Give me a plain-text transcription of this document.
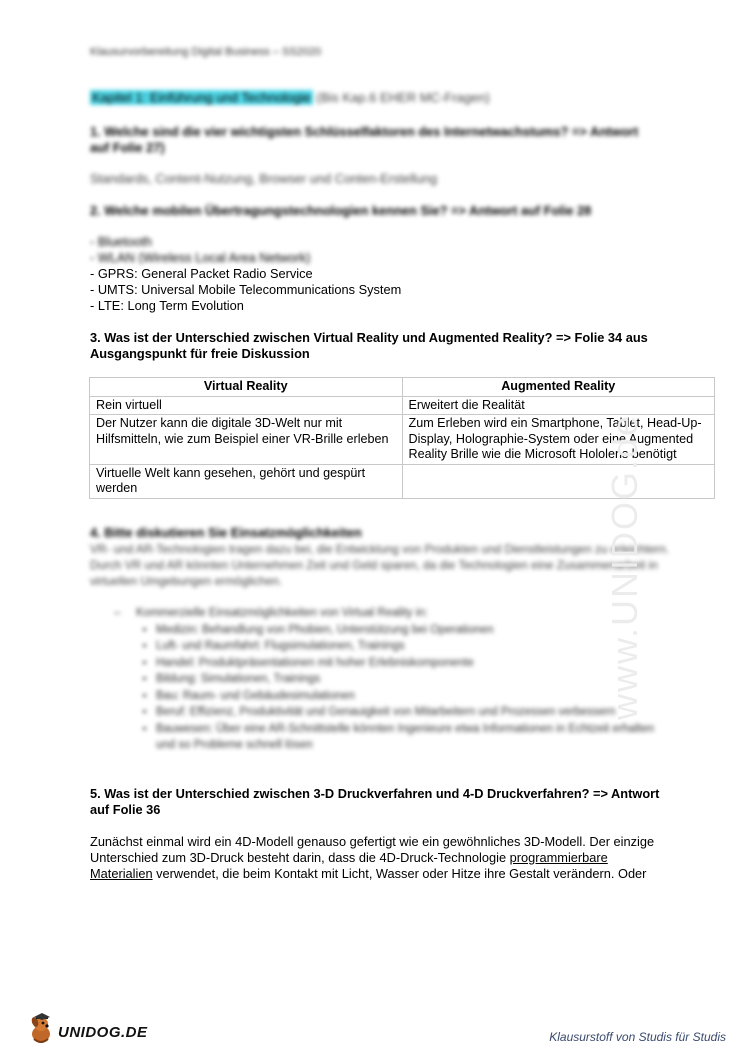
Klausurvorbereitung Digital Business – SS2020
Kapitel 1: Einführung und Technologie (Bis Kap.6 EHER MC-Fragen)
1. Welche sind die vier wichtigsten Schlüsselfaktoren des Internetwachstums? => Antwort auf Folie 27)
Standards, Content-Nutzung, Browser und Conten-Erstellung
2. Welche mobilen Übertragungstechnologien kennen Sie? => Antwort auf Folie 28
- Bluetooth
- WLAN (Wireless Local Area Network)
- GPRS: General Packet Radio Service
- UMTS: Universal Mobile Telecommunications System
- LTE: Long Term Evolution
3. Was ist der Unterschied zwischen Virtual Reality und Augmented Reality? => Folie 34 aus Ausgangspunkt für freie Diskussion
Virtual Reality	Augmented Reality
Rein virtuell	Erweitert die Realität
Der Nutzer kann die digitale 3D-Welt nur mit Hilfsmitteln, wie zum Beispiel einer VR-Brille erleben	Zum Erleben wird ein Smartphone, Tablet, Head-Up-Display, Holographie-System oder eine Augmented Reality Brille wie die Microsoft Hololens benötigt
Virtuelle Welt kann gesehen, gehört und gespürt werden	
4. Bitte diskutieren Sie Einsatzmöglichkeiten
VR- und AR-Technologien tragen dazu bei, die Entwicklung von Produkten und Dienstleistungen zu erleichtern. Durch VR und AR könnten Unternehmen Zeit und Geld sparen, da die Technologien eine Zusammenarbeit in virtuellen Umgebungen ermöglichen.
– Kommerzielle Einsatzmöglichkeiten von Virtual Reality in:
• Medizin: Behandlung von Phobien, Unterstützung bei Operationen
• Luft- und Raumfahrt: Flugsimulationen, Trainings
• Handel: Produktpräsentationen mit hoher Erlebniskomponente
• Bildung: Simulationen, Trainings
• Bau: Raum- und Gebäudesimulationen
• Beruf: Effizienz, Produktivität und Genauigkeit von Mitarbeitern und Prozessen verbessern
• Bauwesen: Über eine AR-Schnittstelle könnten Ingenieure etwa Informationen in Echtzeit erhalten und so Probleme schnell lösen
5. Was ist der Unterschied zwischen 3-D Druckverfahren und 4-D Druckverfahren? => Antwort auf Folie 36
Zunächst einmal wird ein 4D-Modell genauso gefertigt wie ein gewöhnliches 3D-Modell. Der einzige Unterschied zum 3D-Druck besteht darin, dass die 4D-Druck-Technologie programmierbare Materialien verwendet, die beim Kontakt mit Licht, Wasser oder Hitze ihre Gestalt verändern. Oder
www.UNIDOG.de
UNIDOG.DE	Klausurstoff von Studis für Studis
